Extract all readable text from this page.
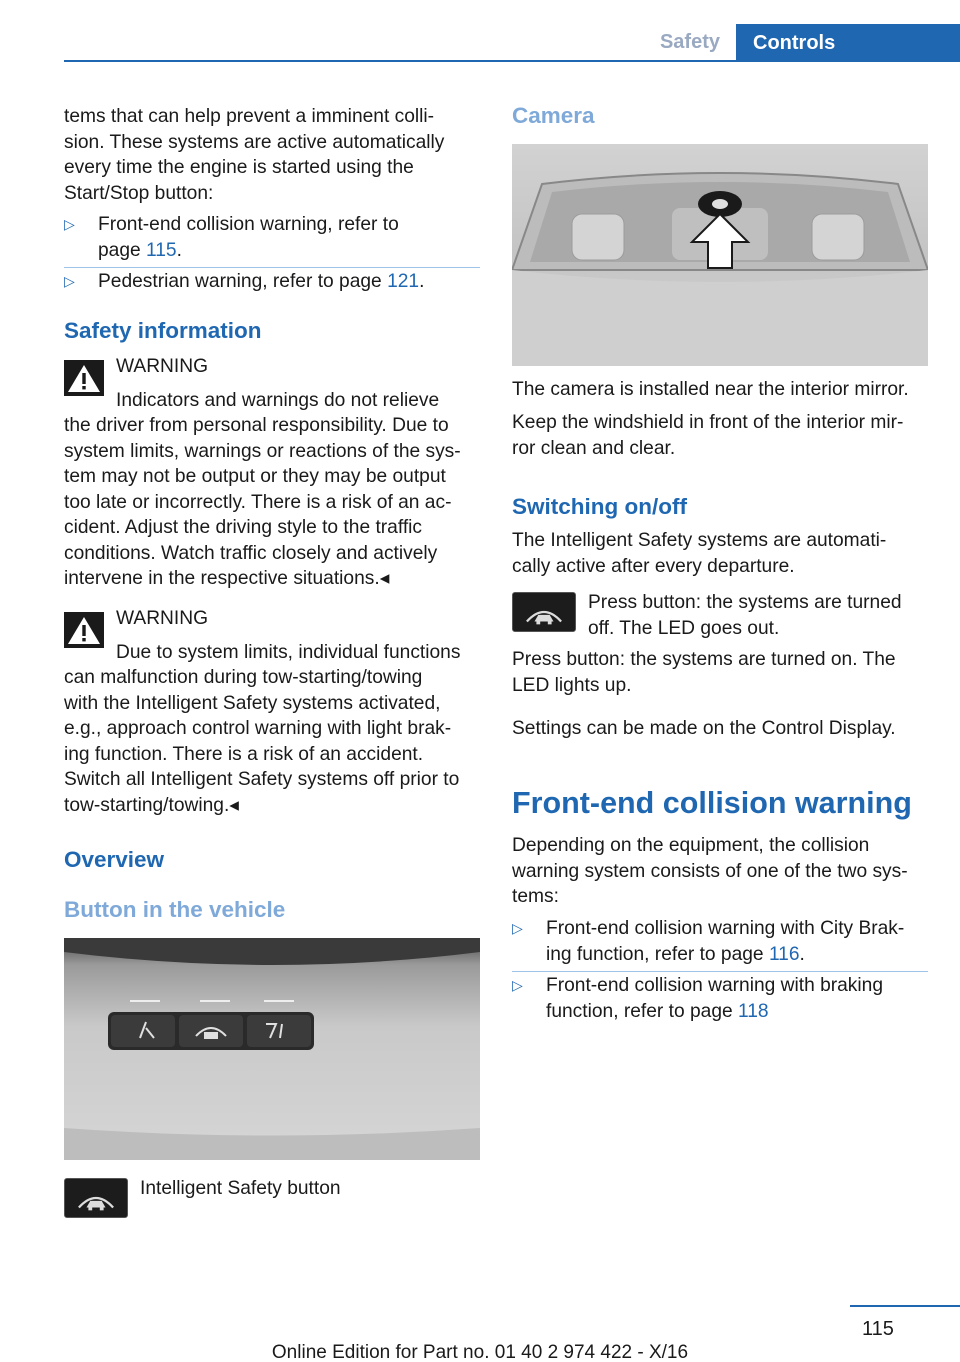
Safety	Controls
tems that can help prevent a imminent colli-
sion. These systems are active automatically
every time the engine is started using the
Start/Stop button:
▷ Front-end collision warning, refer to
page 115.
▷ Pedestrian warning, refer to page 121.
Safety information
WARNING
Indicators and warnings do not relieve
the driver from personal responsibility. Due to
system limits, warnings or reactions of the sys-
tem may not be output or they may be output
too late or incorrectly. There is a risk of an ac-
cident. Adjust the driving style to the traffic
conditions. Watch traffic closely and actively
intervene in the respective situations.◂
WARNING
Due to system limits, individual functions
can malfunction during tow-starting/towing
with the Intelligent Safety systems activated,
e.g., approach control warning with light brak-
ing function. There is a risk of an accident.
Switch all Intelligent Safety systems off prior to
tow-starting/towing.◂
Overview
Button in the vehicle
Intelligent Safety button
Camera
The camera is installed near the interior mirror.
Keep the windshield in front of the interior mir-
ror clean and clear.
Switching on/off
The Intelligent Safety systems are automati-
cally active after every departure.
Press button: the systems are turned
off. The LED goes out.
Press button: the systems are turned on. The
LED lights up.
Settings can be made on the Control Display.
Front-end collision warning
Depending on the equipment, the collision
warning system consists of one of the two sys-
tems:
▷ Front-end collision warning with City Brak-
ing function, refer to page 116.
▷ Front-end collision warning with braking
function, refer to page 118
115
Online Edition for Part no. 01 40 2 974 422 - X/16
